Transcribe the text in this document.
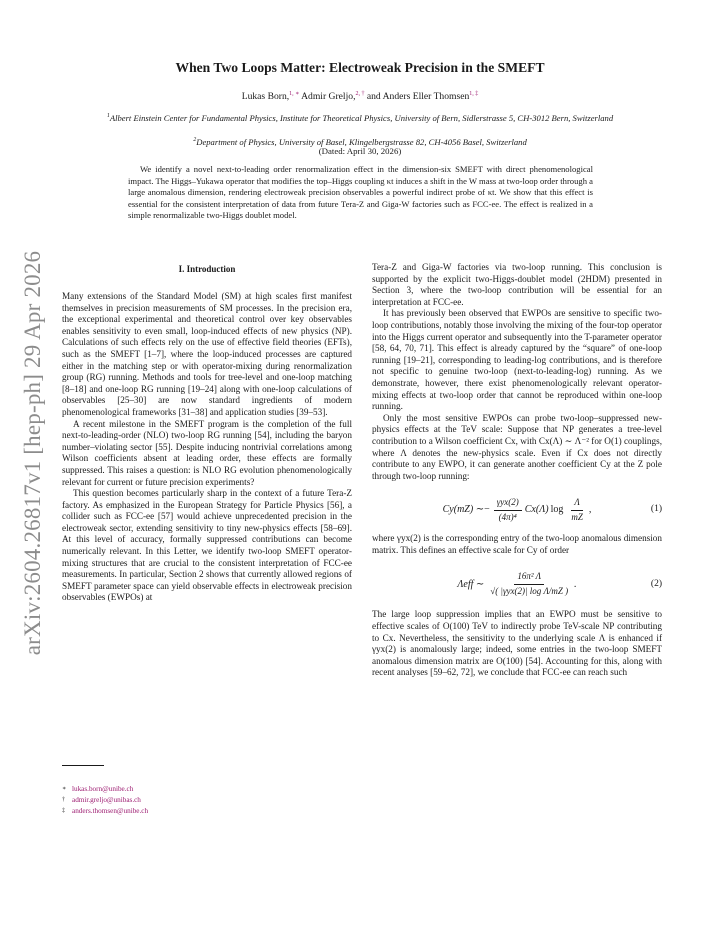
arXiv:2604.26817v1 [hep-ph] 29 Apr 2026
When Two Loops Matter: Electroweak Precision in the SMEFT
Lukas Born,$^{1, ∗}$ Admir Greljo,$^{2, \dagger}$ and Anders Eller Thomsen$^{1, \ddagger}$
$^1$Albert Einstein Center for Fundamental Physics, Institute for Theoretical Physics, University of Bern, Sidlerstrasse 5, CH-3012 Bern, Switzerland
$^2$Department of Physics, University of Basel, Klingelbergstrasse 82, CH-4056 Basel, Switzerland
(Dated: April 30, 2026)
We identify a novel next-to-leading order renormalization effect in the dimension-six SMEFT with direct phenomenological impact. The Higgs–Yukawa operator that modifies the top–Higgs coupling κt induces a shift in the W mass at two-loop order through a large anomalous dimension, rendering electroweak precision observables a powerful indirect probe of κt. We show that this effect is essential for the consistent interpretation of data from future Tera-Z and Giga-W factories such as FCC-ee. The effect is realized in a simple renormalizable two-Higgs doublet model.
I. Introduction

Many extensions of the Standard Model (SM) at high scales first manifest themselves in precision measurements of SM processes. In the precision era, the exceptional experimental and theoretical control over key observables enables sensitivity to even small, loop-induced effects of new physics (NP). Calculations of such effects rely on the use of effective field theories (EFTs), such as the SMEFT [1–7], where the loop-induced processes are captured either in the matching step or with operator-mixing during renormalization group (RG) running. Methods and tools for tree-level and one-loop matching [8–18] and one-loop RG running [19–24] along with one-loop calculations of observables [25–30] are now standard ingredients of modern phenomenological frameworks [31–38] and application studies [39–53].

A recent milestone in the SMEFT program is the completion of the full next-to-leading-order (NLO) two-loop RG running [54], including the baryon number–violating sector [55]. Despite inducing nontrivial correlations among Wilson coefficients absent at leading order, these effects are formally suppressed. This raises a question: is NLO RG evolution phenomenologically relevant for current or future precision experiments?

This question becomes particularly sharp in the context of a future Tera-Z factory. As emphasized in the European Strategy for Particle Physics [56], a collider such as FCC-ee [57] would achieve unprecedented precision in the electroweak sector, extending sensitivity to tiny new-physics effects [58–69]. At this level of accuracy, formally suppressed contributions can become numerically relevant. In this Letter, we identify two-loop SMEFT operator-mixing structures that are crucial to the consistent interpretation of FCC-ee measurements. In particular, Section 2 shows that currently allowed regions of SMEFT parameter space can yield observable effects in electroweak precision observables (EWPOs) at

Tera-Z and Giga-W factories via two-loop running. This conclusion is supported by the explicit two-Higgs-doublet model (2HDM) presented in Section 3, where the two-loop contribution will be essential for an interpretation at FCC-ee.

It has previously been observed that EWPOs are sensitive to specific two-loop contributions, notably those involving the mixing of the four-top operator into the Higgs current operator and subsequently into the T-parameter operator [58, 64, 70, 71]. This effect is already captured by the “square” of one-loop running [19–21], corresponding to leading-log contributions, and is therefore not specific to genuine two-loop (next-to-leading-log) running. As we demonstrate, however, there exist phenomenologically relevant operator-mixing effects at two-loop order that cannot be reproduced within one-loop running.

Only the most sensitive EWPOs can probe two-loop–suppressed new-physics effects at the TeV scale: Suppose that NP generates a tree-level contribution to a Wilson coefficient Cx, with Cx(Λ) ∼ Λ⁻² for O(1) couplings, where Λ denotes the new-physics scale. Even if Cx does not directly contribute to any EWPO, it can generate another coefficient Cy at the Z pole through two-loop running:

Cy(mZ) ∼ − $\frac{\text{γyx(2)}}{\text{(4π)⁴}} Cx(\Lambda)$ $\log \frac{\Lambda}{mZ}$ ,	(1)

where γyx(2) is the corresponding entry of the two-loop anomalous dimension matrix. This defines an effective scale for Cy of order

Λeff ∼ $\frac{\text{16π² Λ}}{\text{√( |γyx(2)| log Λ/mZ )}}$ .	(2)

The large loop suppression implies that an EWPO must be sensitive to effective scales of O(100) TeV to indirectly probe TeV-scale NP contributing to Cx. Nevertheless, the sensitivity to the underlying scale Λ is enhanced if γyx(2) is anomalously large; indeed, some entries in the two-loop SMEFT anomalous dimension matrix are O(100) [54]. Accounting for this, along with recent analyses [59–62, 72], we conclude that FCC-ee can reach such

∗ lukas.born@unibe.ch
† admir.greljo@unibas.ch
‡ anders.thomsen@unibe.ch
